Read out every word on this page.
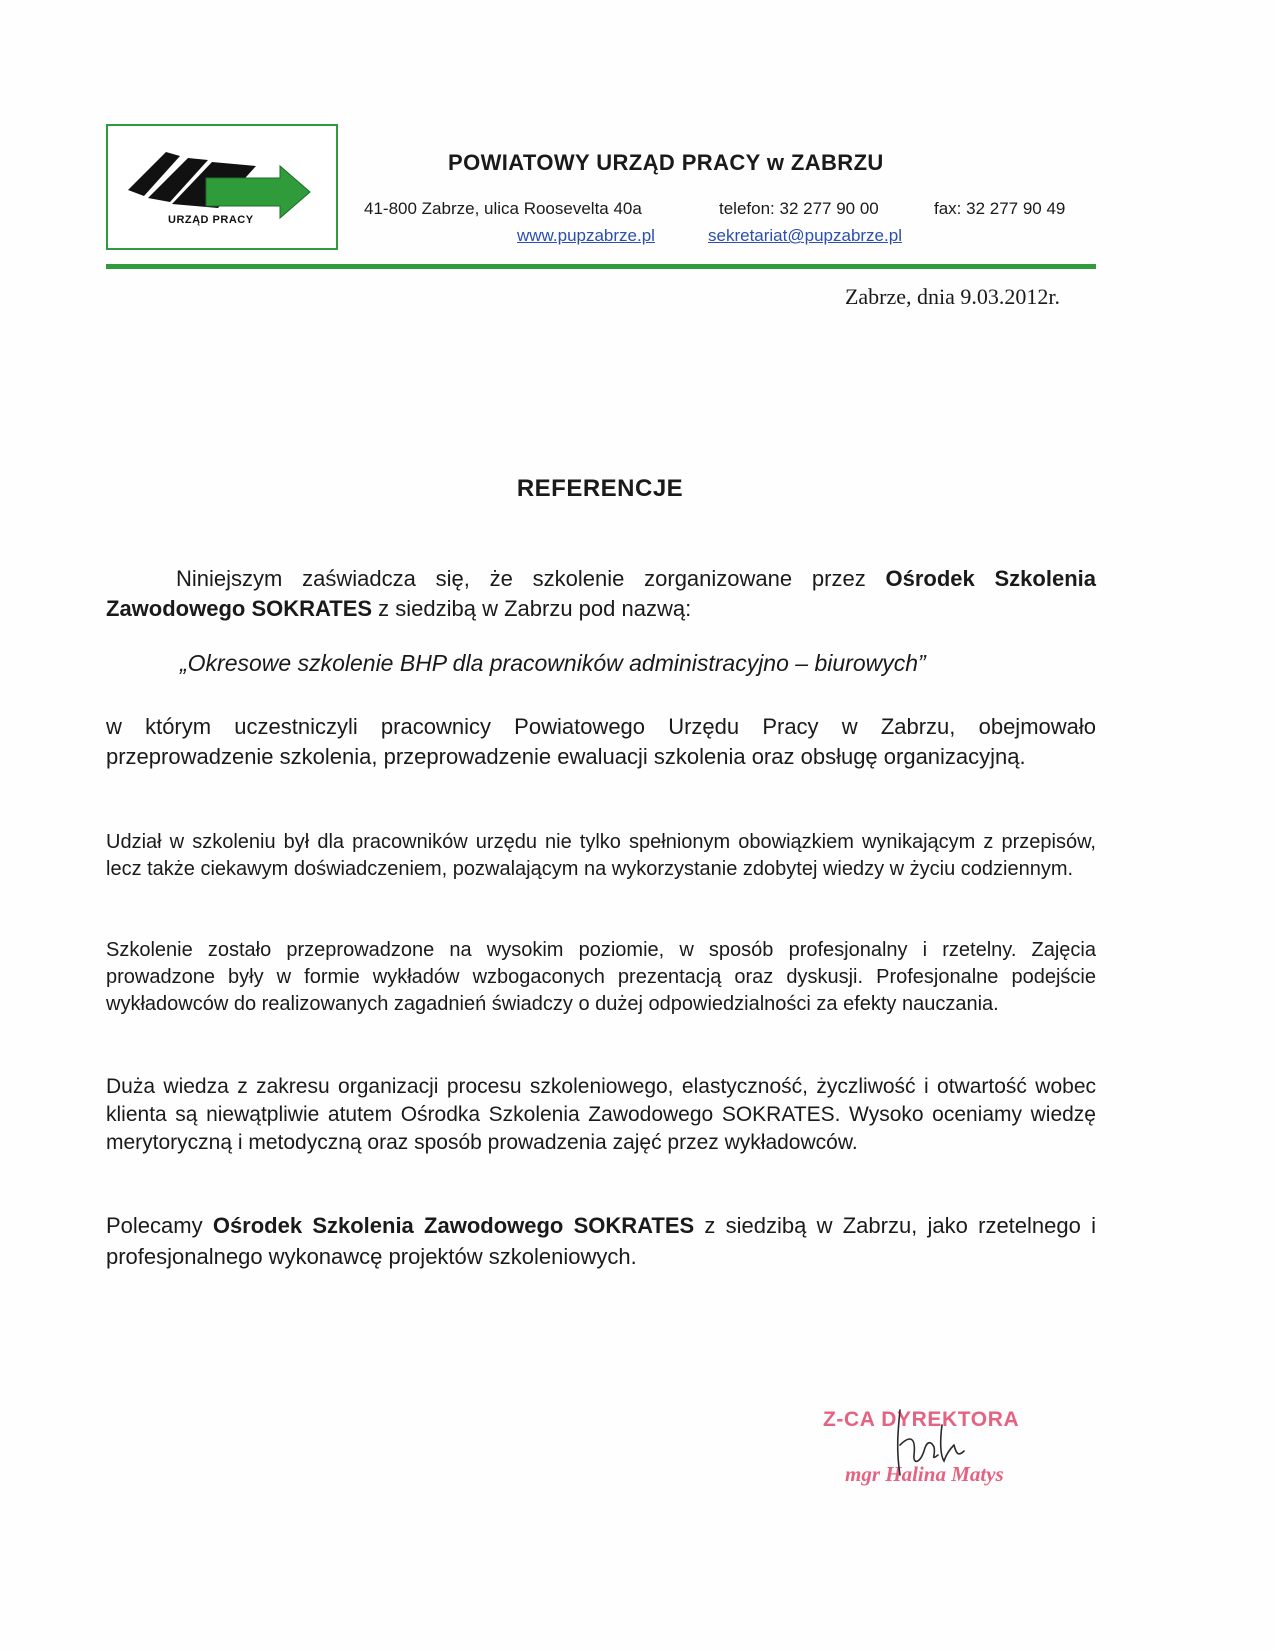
URZĄD PRACY
POWIATOWY URZĄD PRACY w ZABRZU
41-800 Zabrze, ulica Roosevelta 40a	telefon: 32 277 90 00	fax: 32 277 90 49
www.pupzabrze.pl	sekretariat@pupzabrze.pl
Zabrze, dnia 9.03.2012r.
REFERENCJE
Niniejszym zaświadcza się, że szkolenie zorganizowane przez Ośrodek Szkolenia Zawodowego SOKRATES z siedzibą w Zabrzu pod nazwą:
„Okresowe szkolenie BHP dla pracowników administracyjno – biurowych”
w którym uczestniczyli pracownicy Powiatowego Urzędu Pracy w Zabrzu, obejmowało przeprowadzenie szkolenia, przeprowadzenie ewaluacji szkolenia oraz obsługę organizacyjną.
Udział w szkoleniu był dla pracowników urzędu nie tylko spełnionym obowiązkiem wynikającym z przepisów, lecz także ciekawym doświadczeniem, pozwalającym na wykorzystanie zdobytej wiedzy w życiu codziennym.
Szkolenie zostało przeprowadzone na wysokim poziomie, w sposób profesjonalny i rzetelny. Zajęcia prowadzone były w formie wykładów wzbogaconych prezentacją oraz dyskusji. Profesjonalne podejście wykładowców do realizowanych zagadnień świadczy o dużej odpowiedzialności za efekty nauczania.
Duża wiedza z zakresu organizacji procesu szkoleniowego, elastyczność, życzliwość i otwartość wobec klienta są niewątpliwie atutem Ośrodka Szkolenia Zawodowego SOKRATES. Wysoko oceniamy wiedzę merytoryczną i metodyczną oraz sposób prowadzenia zajęć przez wykładowców.
Polecamy Ośrodek Szkolenia Zawodowego SOKRATES z siedzibą w Zabrzu, jako rzetelnego i profesjonalnego wykonawcę projektów szkoleniowych.
Z-CA DYREKTORA
mgr Halina Matys
